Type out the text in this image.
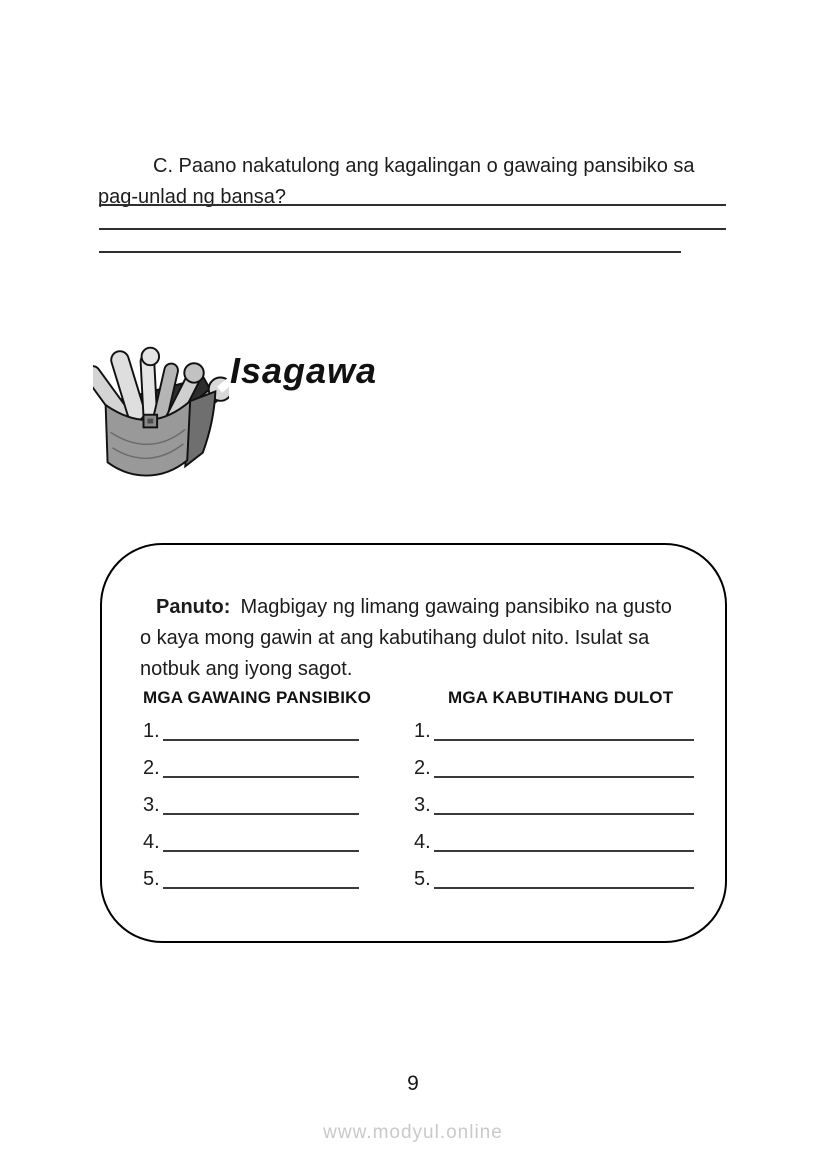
C. Paano nakatulong ang kagalingan o gawaing pansibiko sa pag-unlad ng bansa?

Isagawa

Panuto: Magbigay ng limang gawaing pansibiko na gusto o kaya mong gawin at ang kabutihang dulot nito. Isulat sa notbuk ang iyong sagot.

MGA GAWAING PANSIBIKO	MGA KABUTIHANG DULOT
1.
2.
3.
4.
5.
1.
2.
3.
4.
5.
9
www.modyul.online
